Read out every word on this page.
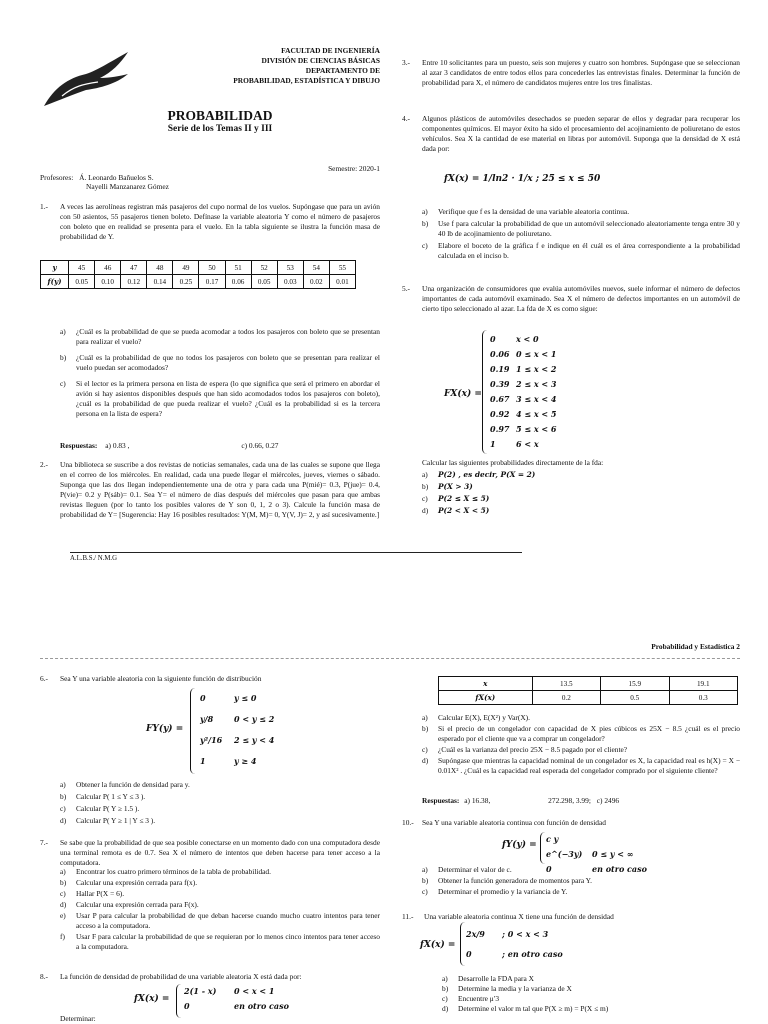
FACULTAD DE INGENIERÍA
DIVISIÓN DE CIENCIAS BÁSICAS
DEPARTAMENTO DE
PROBABILIDAD, ESTADÍSTICA Y DIBUJO
PROBABILIDAD
Serie de los Temas II y III
Semestre: 2020-1
Profesores: Á. Leonardo Bañuelos S.
Nayelli Manzanarez Gómez
1.- A veces las aerolíneas registran más pasajeros del cupo normal de los vuelos. Supóngase que para un avión con 50 asientos, 55 pasajeros tienen boleto. Defínase la variable aleatoria Y como el número de pasajeros con boleto que en realidad se presenta para el vuelo. En la tabla siguiente se ilustra la función masa de probabilidad de Y.
y	45	46	47	48	49	50	51	52	53	54	55
f(y)	0.05	0.10	0.12	0.14	0.25	0.17	0.06	0.05	0.03	0.02	0.01
a)	¿Cuál es la probabilidad de que se pueda acomodar a todos los pasajeros con boleto que se presentan para realizar el vuelo?
b)	¿Cuál es la probabilidad de que no todos los pasajeros con boleto que se presentan para realizar el vuelo puedan ser acomodados?
c)	Si el lector es la primera persona en lista de espera (lo que significa que será el primero en abordar el avión si hay asientos disponibles después que han sido acomodados todos los pasajeros con boleto), ¿cuál es la probabilidad de que pueda realizar el vuelo? ¿Cuál es la probabilidad si es la tercera persona en la lista de espera?
Respuestas: a) 0.83 ,	c) 0.66, 0.27
2.- Una biblioteca se suscribe a dos revistas de noticias semanales, cada una de las cuales se supone que llega en el correo de los miércoles. En realidad, cada una puede llegar el miércoles, jueves, viernes o sábado. Suponga que las dos llegan independientemente una de otra y para cada una P(mié)= 0.3, P(jue)= 0.4, P(vie)= 0.2 y P(sáb)= 0.1. Sea Y= el número de días después del miércoles que pasan para que ambas revistas lleguen (por lo tanto los posibles valores de Y son 0, 1, 2 o 3). Calcule la función masa de probabilidad de Y= [Sugerencia: Hay 16 posibles resultados: Y(M, M)= 0, Y(V, J)= 2, y así sucesivamente.]
A.L.B.S./ N.M.G
3.- Entre 10 solicitantes para un puesto, seis son mujeres y cuatro son hombres. Supóngase que se seleccionan al azar 3 candidatos de entre todos ellos para concederles las entrevistas finales. Determinar la función de probabilidad para X, el número de candidatos mujeres entre los tres finalistas.
4.- Algunos plásticos de automóviles desechados se pueden separar de ellos y degradar para recuperar los componentes químicos. El mayor éxito ha sido el procesamiento del acojinamiento de poliuretano de estos vehículos. Sea X la cantidad de ese material en libras por automóvil. Suponga que la densidad de X está dada por:
fX(x) = 1/ln2 · 1/x ; 25 ≤ x ≤ 50
a)	Verifique que f es la densidad de una variable aleatoria continua.
b)	Use f para calcular la probabilidad de que un automóvil seleccionado aleatoriamente tenga entre 30 y 40 lb de acojinamiento de poliuretano.
c)	Elabore el boceto de la gráfica f e indique en él cuál es el área correspondiente a la probabilidad calculada en el inciso b.
5.- Una organización de consumidores que evalúa automóviles nuevos, suele informar el número de defectos importantes de cada automóvil examinado. Sea X el número de defectos importantes en un automóvil de cierto tipo seleccionado al azar. La fda de X es como sigue:
FX(x) =
0	x < 0
0.06 0 ≤ x < 1
0.19 1 ≤ x < 2
0.39 2 ≤ x < 3
0.67 3 ≤ x < 4
0.92 4 ≤ x < 5
0.97 5 ≤ x < 6
1	6 < x
Calcular las siguientes probabilidades directamente de la fda:
a)	P(2) , es decir, P(X = 2)
b)	P(X > 3)
c)	P(2 ≤ X ≤ 5)
d)	P(2 < X < 5)
Probabilidad y Estadística 2
6.- Sea Y una variable aleatoria con la siguiente función de distribución
FY(y) =
0	y ≤ 0
y/8	0 < y ≤ 2
y²/16 2 ≤ y < 4
1	y ≥ 4
a)	Obtener la función de densidad para y.
b)	Calcular P( 1 ≤ Y ≤ 3 ).
c)	Calcular P( Y ≥ 1.5 ).
d)	Calcular P( Y ≥ 1 | Y ≤ 3 ).
7.- Se sabe que la probabilidad de que sea posible conectarse en un momento dado con una computadora desde una terminal remota es de 0.7. Sea X el número de intentos que deben hacerse para tener acceso a la computadora.
a)	Encontrar los cuatro primero términos de la tabla de probabilidad.
b)	Calcular una expresión cerrada para f(x).
c)	Hallar P(X = 6).
d)	Calcular una expresión cerrada para F(x).
e)	Usar P para calcular la probabilidad de que deban hacerse cuando mucho cuatro intentos para tener acceso a la computadora.
f)	Usar F para calcular la probabilidad de que se requieran por lo menos cinco intentos para tener acceso a la computadora.
8.- La función de densidad de probabilidad de una variable aleatoria X está dada por:
fX(x) =
2(1 - x) 0 < x < 1
0	en otro caso
Determinar:
x	13.5	15.9	19.1
fX(x)	0.2	0.5	0.3
a)	Calcular E(X), E(X²) y Var(X).
b)	Si el precio de un congelador con capacidad de X pies cúbicos es 25X − 8.5 ¿cuál es el precio esperado por el cliente que va a comprar un congelador?
c)	¿Cuál es la varianza del precio 25X − 8.5 pagado por el cliente?
d)	Supóngase que mientras la capacidad nominal de un congelador es X, la capacidad real es h(X) = X − 0.01X² . ¿Cuál es la capacidad real esperada del congelador comprado por el siguiente cliente?
Respuestas: a) 16.38,	272.298, 3.99; c) 2496
10.- Sea Y una variable aleatoria continua con función de densidad
fY(y) =
c y e^(−3y) 0 ≤ y < ∞
0	en otro caso
a)	Determinar el valor de c.
b)	Obtener la función generadora de momentos para Y.
c)	Determinar el promedio y la variancia de Y.
11.- Una variable aleatoria continua X tiene una función de densidad
fX(x) =
2x/9 ; 0 < x < 3
0	; en otro caso
a)	Desarrolle la FDA para X
b)	Determine la media y la varianza de X
c)	Encuentre μ′3
d)	Determine el valor m tal que P(X ≥ m) = P(X ≤ m)
